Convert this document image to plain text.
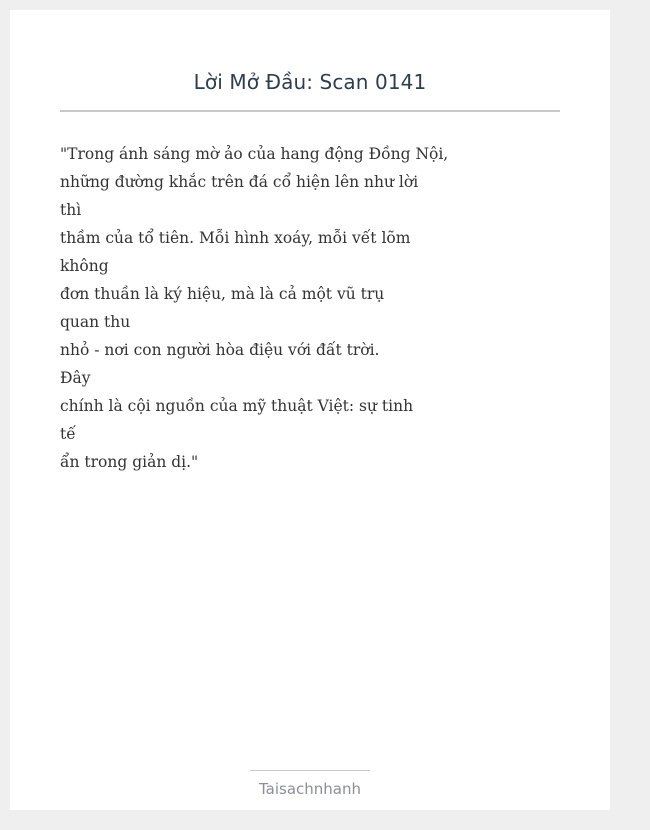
Lời Mở Đầu: Scan 0141
"Trong ánh sáng mờ ảo của hang động Đồng Nội,
những đường khắc trên đá cổ hiện lên như lời
thì
thầm của tổ tiên. Mỗi hình xoáy, mỗi vết lõm
không
đơn thuần là ký hiệu, mà là cả một vũ trụ
quan thu
nhỏ - nơi con người hòa điệu với đất trời.
Đây
chính là cội nguồn của mỹ thuật Việt: sự tinh
tế
ẩn trong giản dị."
Taisachnhanh
